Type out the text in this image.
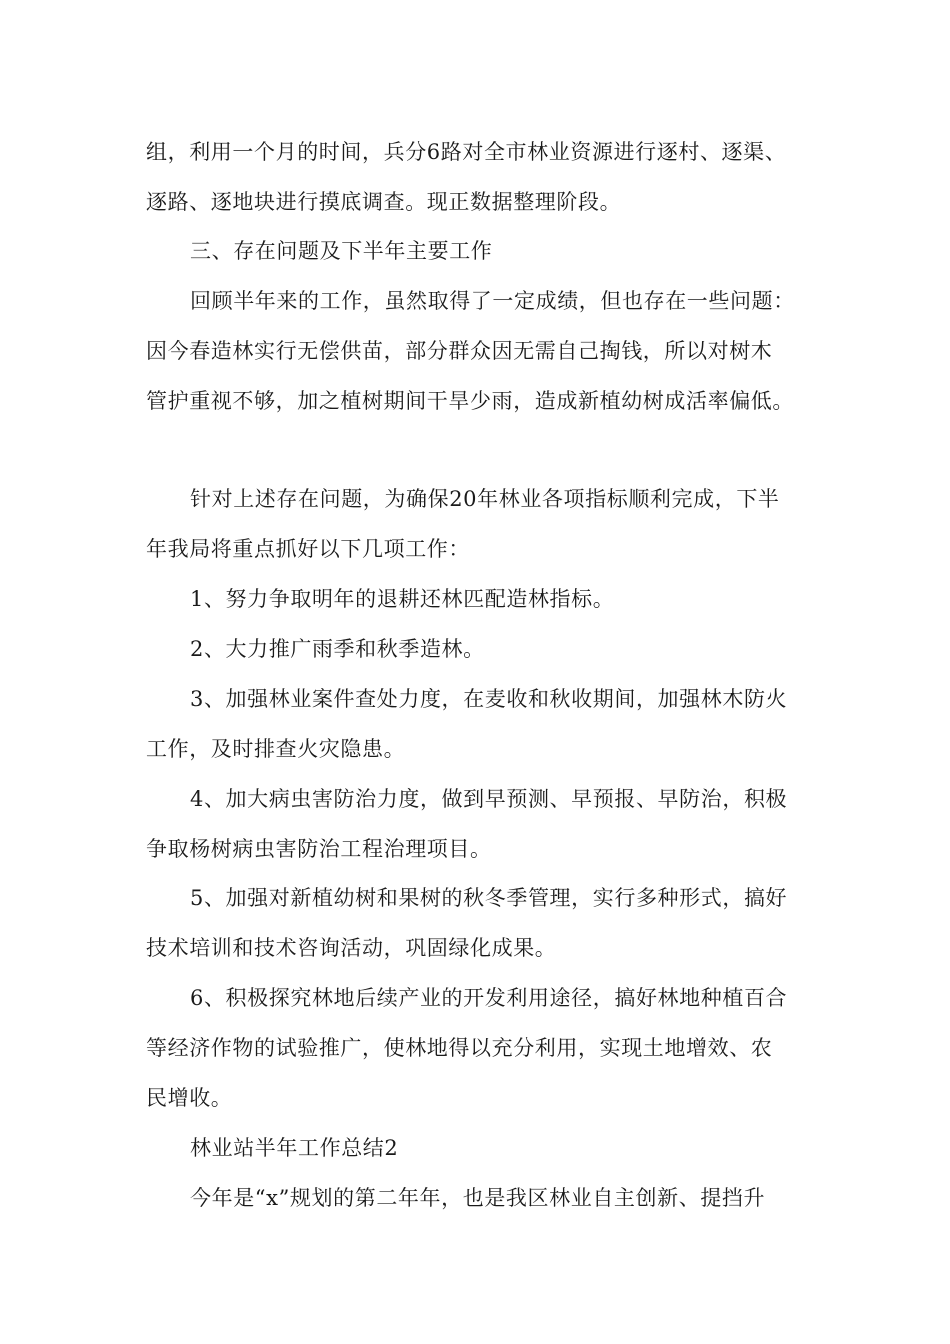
组，利用一个月的时间，兵分6路对全市林业资源进行逐村、逐渠、
逐路、逐地块进行摸底调查。现正数据整理阶段。
三、存在问题及下半年主要工作
回顾半年来的工作，虽然取得了一定成绩，但也存在一些问题：
因今春造林实行无偿供苗，部分群众因无需自己掏钱，所以对树木
管护重视不够，加之植树期间干旱少雨，造成新植幼树成活率偏低。
针对上述存在问题，为确保20年林业各项指标顺利完成，下半
年我局将重点抓好以下几项工作：
1、努力争取明年的退耕还林匹配造林指标。
2、大力推广雨季和秋季造林。
3、加强林业案件查处力度，在麦收和秋收期间，加强林木防火
工作，及时排查火灾隐患。
4、加大病虫害防治力度，做到早预测、早预报、早防治，积极
争取杨树病虫害防治工程治理项目。
5、加强对新植幼树和果树的秋冬季管理，实行多种形式，搞好
技术培训和技术咨询活动，巩固绿化成果。
6、积极探究林地后续产业的开发利用途径，搞好林地种植百合
等经济作物的试验推广，使林地得以充分利用，实现土地增效、农
民增收。
林业站半年工作总结2
今年是“x”规划的第二年年，也是我区林业自主创新、提挡升
